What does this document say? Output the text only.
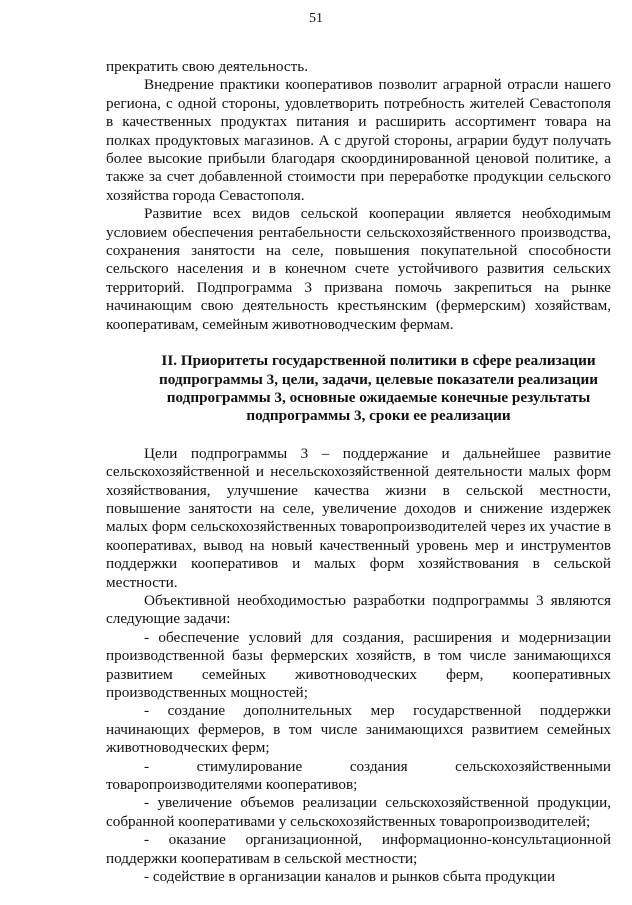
51

прекратить свою деятельность.

Внедрение практики кооперативов позволит аграрной отрасли нашего региона, с одной стороны, удовлетворить потребность жителей Севастополя в качественных продуктах питания и расширить ассортимент товара на полках продуктовых магазинов. А с другой стороны, аграрии будут получать более высокие прибыли благодаря скоординированной ценовой политике, а также за счет добавленной стоимости при переработке продукции сельского хозяйства города Севастополя.

Развитие всех видов сельской кооперации является необходимым условием обеспечения рентабельности сельскохозяйственного производства, сохранения занятости на селе, повышения покупательной способности сельского населения и в конечном счете устойчивого развития сельских территорий. Подпрограмма 3 призвана помочь закрепиться на рынке начинающим свою деятельность крестьянским (фермерским) хозяйствам, кооперативам, семейным животноводческим фермам.

II. Приоритеты государственной политики в сфере реализации подпрограммы 3, цели, задачи, целевые показатели реализации подпрограммы 3, основные ожидаемые конечные результаты подпрограммы 3, сроки ее реализации

Цели подпрограммы 3 – поддержание и дальнейшее развитие сельскохозяйственной и несельскохозяйственной деятельности малых форм хозяйствования, улучшение качества жизни в сельской местности, повышение занятости на селе, увеличение доходов и снижение издержек малых форм сельскохозяйственных товаропроизводителей через их участие в кооперативах, вывод на новый качественный уровень мер и инструментов поддержки кооперативов и малых форм хозяйствования в сельской местности.

Объективной необходимостью разработки подпрограммы 3 являются следующие задачи:

- обеспечение условий для создания, расширения и модернизации производственной базы фермерских хозяйств, в том числе занимающихся развитием семейных животноводческих ферм, кооперативных производственных мощностей;

- создание дополнительных мер государственной поддержки начинающих фермеров, в том числе занимающихся развитием семейных животноводческих ферм;

- стимулирование создания сельскохозяйственными товаропроизводителями кооперативов;

- увеличение объемов реализации сельскохозяйственной продукции, собранной кооперативами у сельскохозяйственных товаропроизводителей;

- оказание организационной, информационно-консультационной поддержки кооперативам в сельской местности;

- содействие в организации каналов и рынков сбыта продукции
